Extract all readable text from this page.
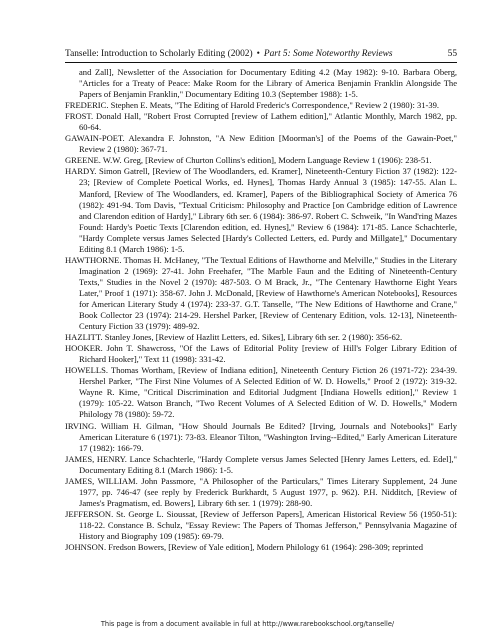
Tanselle: Introduction to Scholarly Editing (2002) • Part 5: Some Noteworthy Reviews	55

and Zall], Newsletter of the Association for Documentary Editing 4.2 (May 1982): 9-10. Barbara Oberg, "Articles for a Treaty of Peace: Make Room for the Library of America Benjamin Franklin Alongside The Papers of Benjamin Franklin," Documentary Editing 10.3 (September 1988): 1-5.

FREDERIC. Stephen E. Meats, "The Editing of Harold Frederic's Correspondence," Review 2 (1980): 31-39.

FROST. Donald Hall, "Robert Frost Corrupted [review of Lathem edition]," Atlantic Monthly, March 1982, pp. 60-64.

GAWAIN-POET. Alexandra F. Johnston, "A New Edition [Moorman's] of the Poems of the Gawain-Poet," Review 2 (1980): 367-71.

GREENE. W.W. Greg, [Review of Churton Collins's edition], Modern Language Review 1 (1906): 238-51.

HARDY. Simon Gatrell, [Review of The Woodlanders, ed. Kramer], Nineteenth-Century Fiction 37 (1982): 122-23; [Review of Complete Poetical Works, ed. Hynes], Thomas Hardy Annual 3 (1985): 147-55. Alan L. Manford, [Review of The Woodlanders, ed. Kramer], Papers of the Bibliographical Society of America 76 (1982): 491-94. Tom Davis, "Textual Criticism: Philosophy and Practice [on Cambridge edition of Lawrence and Clarendon edition of Hardy]," Library 6th ser. 6 (1984): 386-97. Robert C. Schweik, "In Wand'ring Mazes Found: Hardy's Poetic Texts [Clarendon edition, ed. Hynes]," Review 6 (1984): 171-85. Lance Schachterle, "Hardy Complete versus James Selected [Hardy's Collected Letters, ed. Purdy and Millgate]," Documentary Editing 8.1 (March 1986): 1-5.

HAWTHORNE. Thomas H. McHaney, "The Textual Editions of Hawthorne and Melville," Studies in the Literary Imagination 2 (1969): 27-41. John Freehafer, "The Marble Faun and the Editing of Nineteenth-Century Texts," Studies in the Novel 2 (1970): 487-503. O M Brack, Jr., "The Centenary Hawthorne Eight Years Later," Proof 1 (1971): 358-67. John J. McDonald, [Review of Hawthorne's American Notebooks], Resources for American Literary Study 4 (1974): 233-37. G.T. Tanselle, "The New Editions of Hawthorne and Crane," Book Collector 23 (1974): 214-29. Hershel Parker, [Review of Centenary Edition, vols. 12-13], Nineteenth-Century Fiction 33 (1979): 489-92.

HAZLITT. Stanley Jones, [Review of Hazlitt Letters, ed. Sikes], Library 6th ser. 2 (1980): 356-62.

HOOKER. John T. Shawcross, "Of the Laws of Editorial Polity [review of Hill's Folger Library Edition of Richard Hooker]," Text 11 (1998): 331-42.

HOWELLS. Thomas Wortham, [Review of Indiana edition], Nineteenth Century Fiction 26 (1971-72): 234-39. Hershel Parker, "The First Nine Volumes of A Selected Edition of W. D. Howells," Proof 2 (1972): 319-32. Wayne R. Kime, "Critical Discrimination and Editorial Judgment [Indiana Howells edition]," Review 1 (1979): 105-22. Watson Branch, "Two Recent Volumes of A Selected Edition of W. D. Howells," Modern Philology 78 (1980): 59-72.

IRVING. William H. Gilman, "How Should Journals Be Edited? [Irving, Journals and Notebooks]" Early American Literature 6 (1971): 73-83. Eleanor Tilton, "Washington Irving--Edited," Early American Literature 17 (1982): 166-79.

JAMES, HENRY. Lance Schachterle, "Hardy Complete versus James Selected [Henry James Letters, ed. Edel]," Documentary Editing 8.1 (March 1986): 1-5.

JAMES, WILLIAM. John Passmore, "A Philosopher of the Particulars," Times Literary Supplement, 24 June 1977, pp. 746-47 (see reply by Frederick Burkhardt, 5 August 1977, p. 962). P.H. Nidditch, [Review of James's Pragmatism, ed. Bowers], Library 6th ser. 1 (1979): 288-90.

JEFFERSON. St. George L. Sioussat, [Review of Jefferson Papers], American Historical Review 56 (1950-51): 118-22. Constance B. Schulz, "Essay Review: The Papers of Thomas Jefferson," Pennsylvania Magazine of History and Biography 109 (1985): 69-79.

JOHNSON. Fredson Bowers, [Review of Yale edition], Modern Philology 61 (1964): 298-309; reprinted

This page is from a document available in full at http://www.rarebookschool.org/tanselle/
